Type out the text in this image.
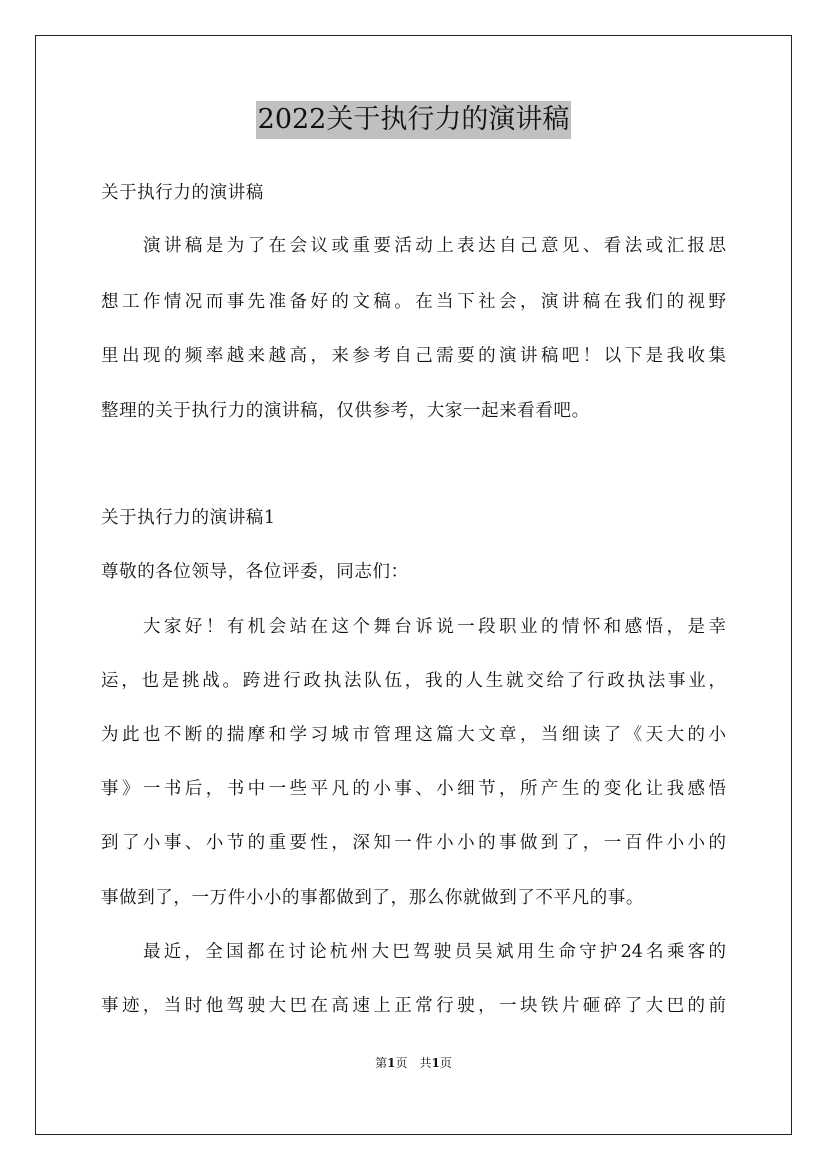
2022关于执行力的演讲稿
关于执行力的演讲稿
演讲稿是为了在会议或重要活动上表达自己意见、看法或汇报思
想工作情况而事先准备好的文稿。在当下社会，演讲稿在我们的视野
里出现的频率越来越高，来参考自己需要的演讲稿吧！以下是我收集
整理的关于执行力的演讲稿，仅供参考，大家一起来看看吧。
关于执行力的演讲稿1
尊敬的各位领导，各位评委，同志们：
大家好！有机会站在这个舞台诉说一段职业的情怀和感悟，是幸
运，也是挑战。跨进行政执法队伍，我的人生就交给了行政执法事业，
为此也不断的揣摩和学习城市管理这篇大文章，当细读了《天大的小
事》一书后，书中一些平凡的小事、小细节，所产生的变化让我感悟
到了小事、小节的重要性，深知一件小小的事做到了，一百件小小的
事做到了，一万件小小的事都做到了，那么你就做到了不平凡的事。
最近，全国都在讨论杭州大巴驾驶员吴斌用生命守护24名乘客的
事迹，当时他驾驶大巴在高速上正常行驶，一块铁片砸碎了大巴的前
第1页　共1页
